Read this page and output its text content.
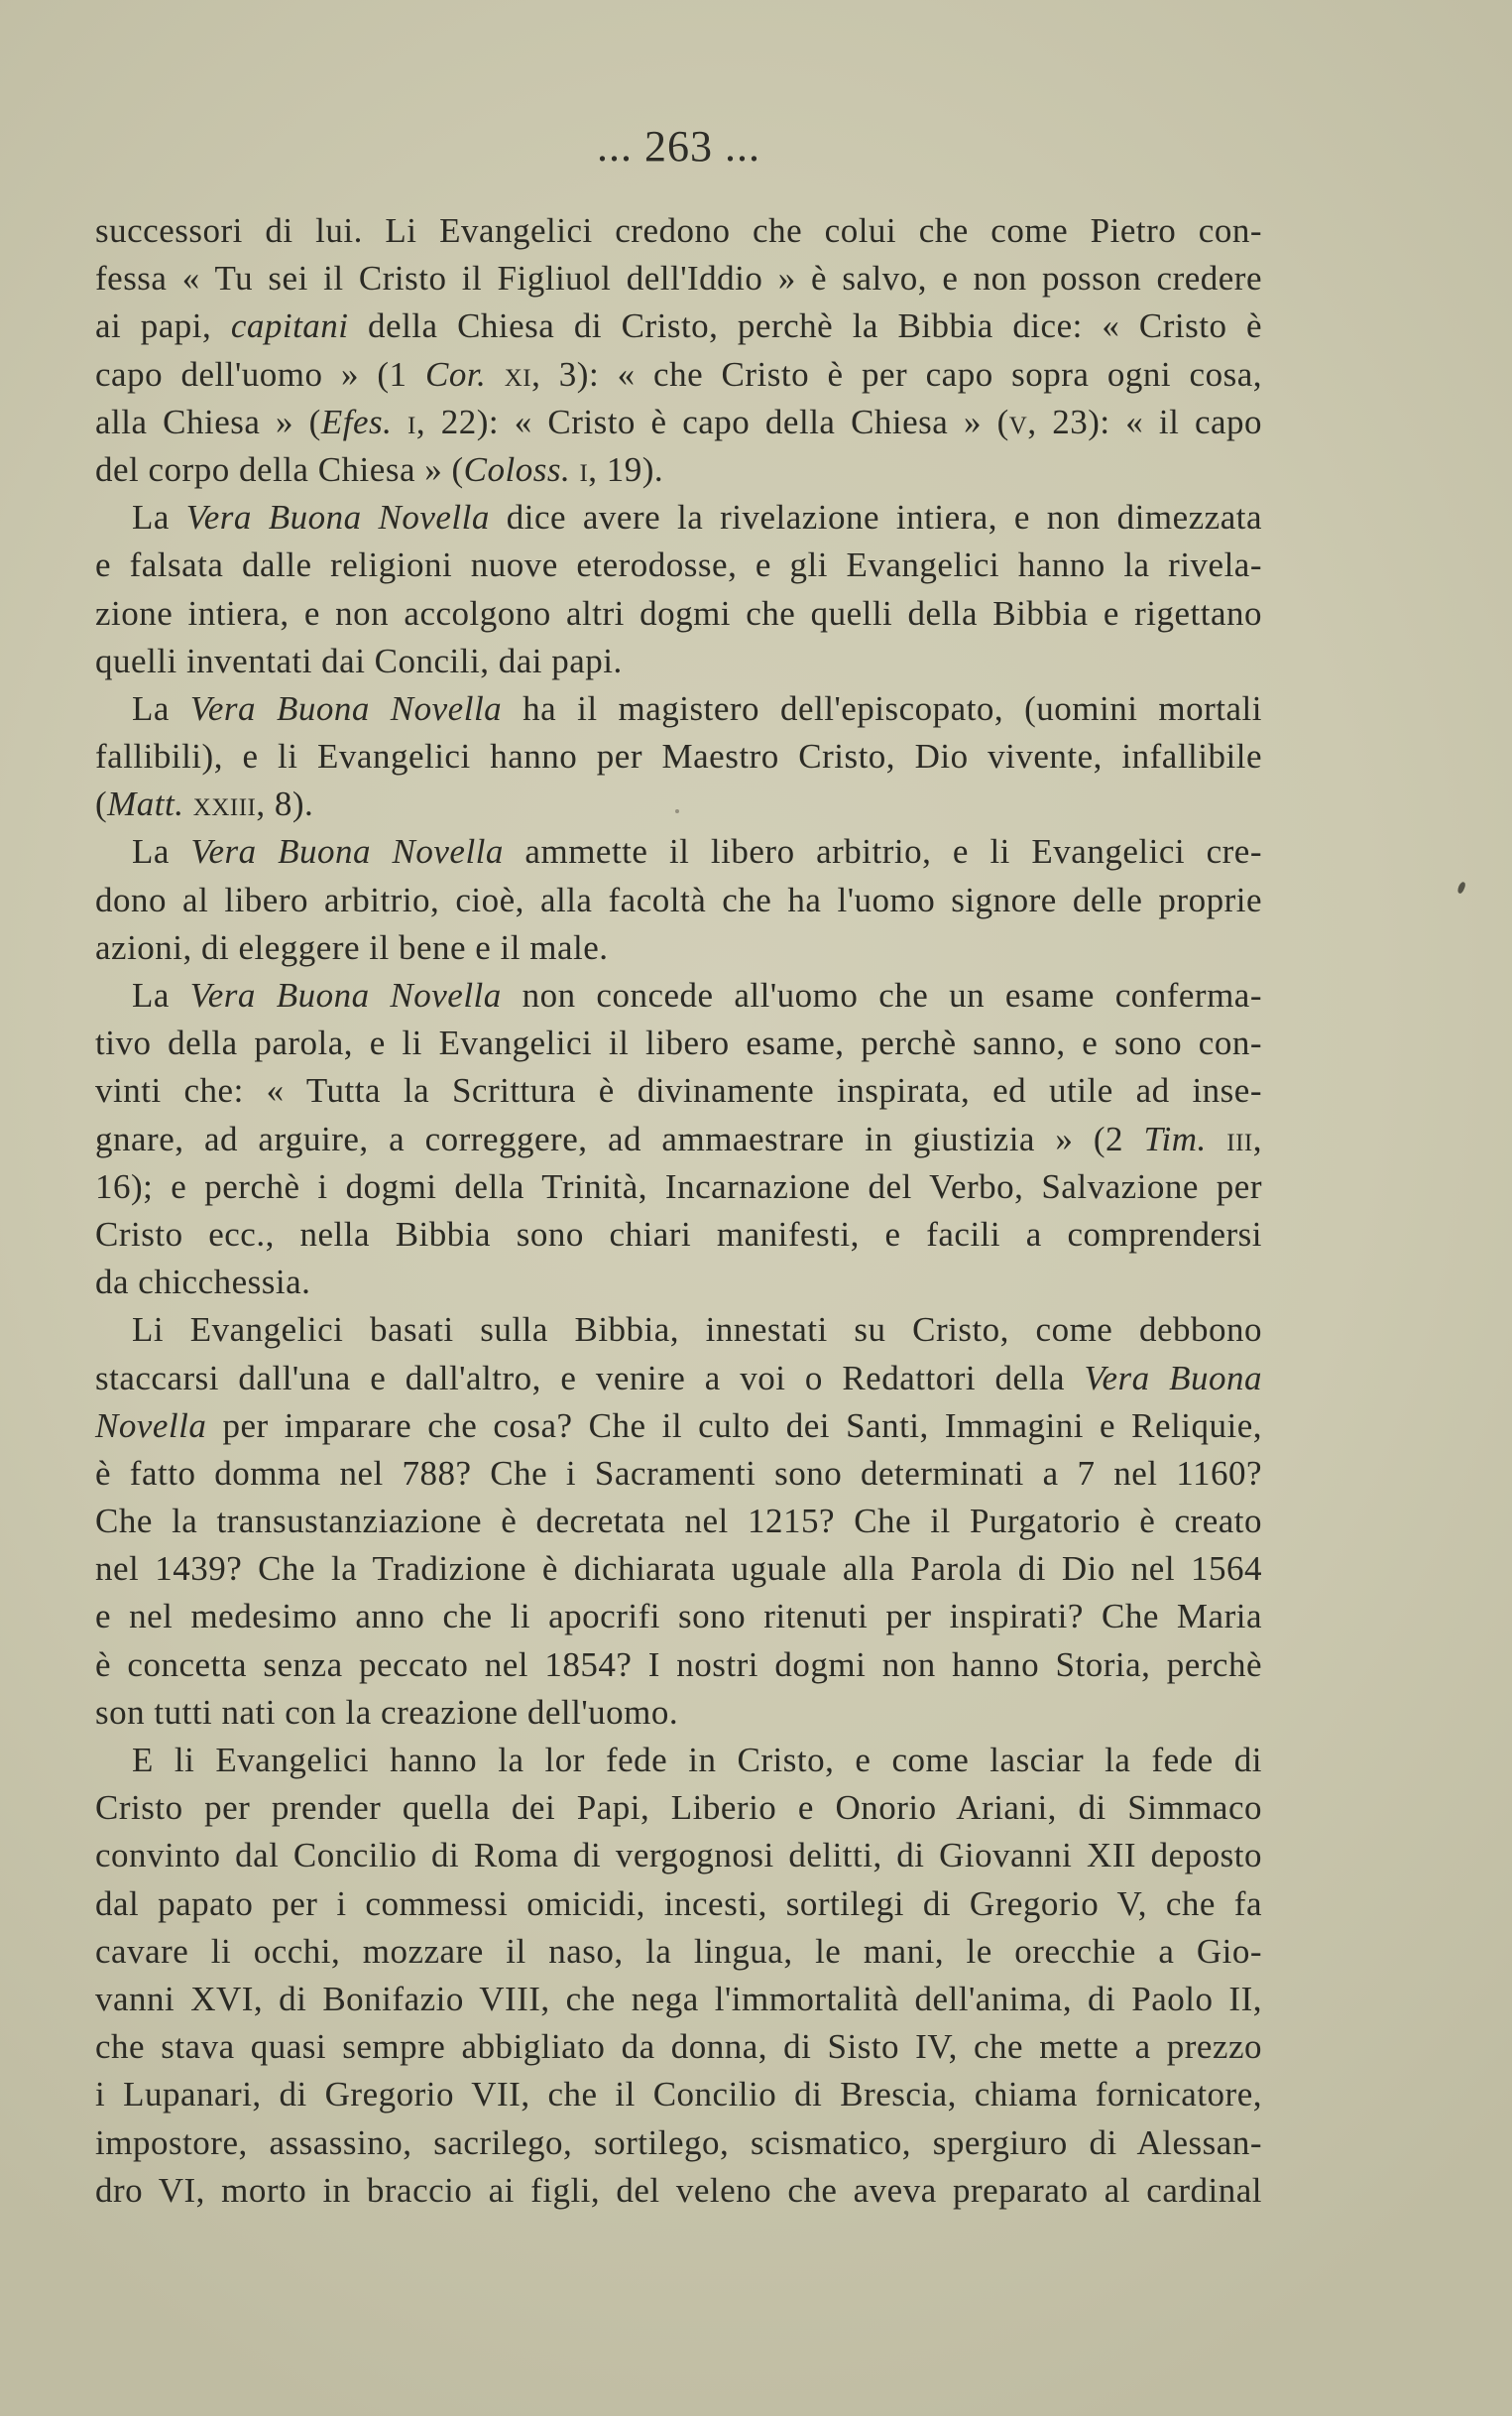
... 263 ...
successori di lui. Li Evangelici credono che colui che come Pietro con-
fessa « Tu sei il Cristo il Figliuol dell'Iddio » è salvo, e non posson credere
ai papi, capitani della Chiesa di Cristo, perchè la Bibbia dice: « Cristo è
capo dell'uomo » (1 Cor. xi, 3): « che Cristo è per capo sopra ogni cosa,
alla Chiesa » (Efes. i, 22): « Cristo è capo della Chiesa » (v, 23): « il capo
del corpo della Chiesa » (Coloss. i, 19).
La Vera Buona Novella dice avere la rivelazione intiera, e non dimezzata
e falsata dalle religioni nuove eterodosse, e gli Evangelici hanno la rivela-
zione intiera, e non accolgono altri dogmi che quelli della Bibbia e rigettano
quelli inventati dai Concili, dai papi.
La Vera Buona Novella ha il magistero dell'episcopato, (uomini mortali
fallibili), e li Evangelici hanno per Maestro Cristo, Dio vivente, infallibile
(Matt. xxiii, 8).
La Vera Buona Novella ammette il libero arbitrio, e li Evangelici cre-
dono al libero arbitrio, cioè, alla facoltà che ha l'uomo signore delle proprie
azioni, di eleggere il bene e il male.
La Vera Buona Novella non concede all'uomo che un esame conferma-
tivo della parola, e li Evangelici il libero esame, perchè sanno, e sono con-
vinti che: « Tutta la Scrittura è divinamente inspirata, ed utile ad inse-
gnare, ad arguire, a correggere, ad ammaestrare in giustizia » (2 Tim. iii,
16); e perchè i dogmi della Trinità, Incarnazione del Verbo, Salvazione per
Cristo ecc., nella Bibbia sono chiari manifesti, e facili a comprendersi
da chicchessia.
Li Evangelici basati sulla Bibbia, innestati su Cristo, come debbono
staccarsi dall'una e dall'altro, e venire a voi o Redattori della Vera Buona
Novella per imparare che cosa? Che il culto dei Santi, Immagini e Reliquie,
è fatto domma nel 788? Che i Sacramenti sono determinati a 7 nel 1160?
Che la transustanziazione è decretata nel 1215? Che il Purgatorio è creato
nel 1439? Che la Tradizione è dichiarata uguale alla Parola di Dio nel 1564
e nel medesimo anno che li apocrifi sono ritenuti per inspirati? Che Maria
è concetta senza peccato nel 1854? I nostri dogmi non hanno Storia, perchè
son tutti nati con la creazione dell'uomo.
E li Evangelici hanno la lor fede in Cristo, e come lasciar la fede di
Cristo per prender quella dei Papi, Liberio e Onorio Ariani, di Simmaco
convinto dal Concilio di Roma di vergognosi delitti, di Giovanni XII deposto
dal papato per i commessi omicidi, incesti, sortilegi di Gregorio V, che fa
cavare li occhi, mozzare il naso, la lingua, le mani, le orecchie a Gio-
vanni XVI, di Bonifazio VIII, che nega l'immortalità dell'anima, di Paolo II,
che stava quasi sempre abbigliato da donna, di Sisto IV, che mette a prezzo
i Lupanari, di Gregorio VII, che il Concilio di Brescia, chiama fornicatore,
impostore, assassino, sacrilego, sortilego, scismatico, spergiuro di Alessan-
dro VI, morto in braccio ai figli, del veleno che aveva preparato al cardinal
